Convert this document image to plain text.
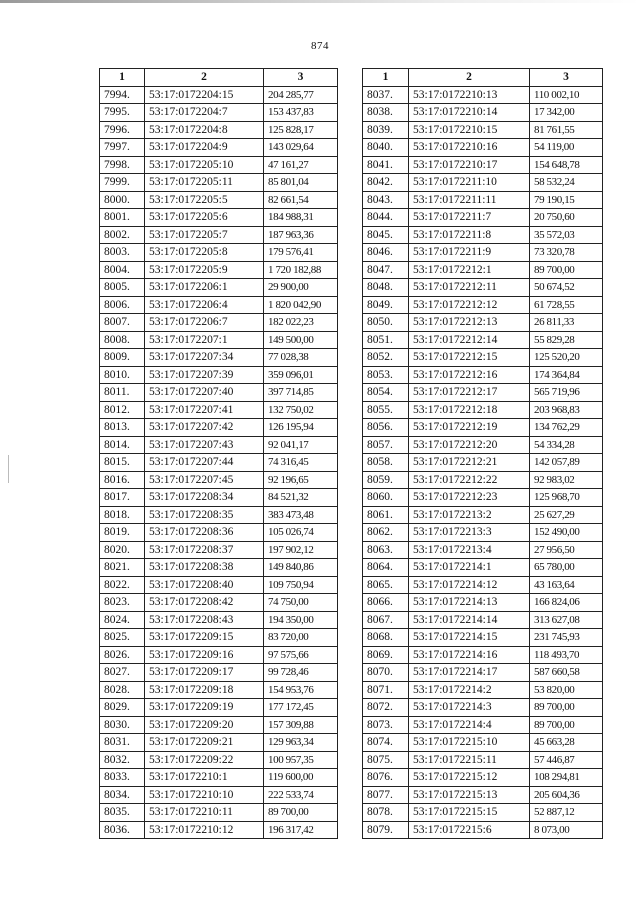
874
1	2	3
7994.	53:17:0172204:15	204 285,77
7995.	53:17:0172204:7	153 437,83
7996.	53:17:0172204:8	125 828,17
7997.	53:17:0172204:9	143 029,64
7998.	53:17:0172205:10	47 161,27
7999.	53:17:0172205:11	85 801,04
8000.	53:17:0172205:5	82 661,54
8001.	53:17:0172205:6	184 988,31
8002.	53:17:0172205:7	187 963,36
8003.	53:17:0172205:8	179 576,41
8004.	53:17:0172205:9	1 720 182,88
8005.	53:17:0172206:1	29 900,00
8006.	53:17:0172206:4	1 820 042,90
8007.	53:17:0172206:7	182 022,23
8008.	53:17:0172207:1	149 500,00
8009.	53:17:0172207:34	77 028,38
8010.	53:17:0172207:39	359 096,01
8011.	53:17:0172207:40	397 714,85
8012.	53:17:0172207:41	132 750,02
8013.	53:17:0172207:42	126 195,94
8014.	53:17:0172207:43	92 041,17
8015.	53:17:0172207:44	74 316,45
8016.	53:17:0172207:45	92 196,65
8017.	53:17:0172208:34	84 521,32
8018.	53:17:0172208:35	383 473,48
8019.	53:17:0172208:36	105 026,74
8020.	53:17:0172208:37	197 902,12
8021.	53:17:0172208:38	149 840,86
8022.	53:17:0172208:40	109 750,94
8023.	53:17:0172208:42	74 750,00
8024.	53:17:0172208:43	194 350,00
8025.	53:17:0172209:15	83 720,00
8026.	53:17:0172209:16	97 575,66
8027.	53:17:0172209:17	99 728,46
8028.	53:17:0172209:18	154 953,76
8029.	53:17:0172209:19	177 172,45
8030.	53:17:0172209:20	157 309,88
8031.	53:17:0172209:21	129 963,34
8032.	53:17:0172209:22	100 957,35
8033.	53:17:0172210:1	119 600,00
8034.	53:17:0172210:10	222 533,74
8035.	53:17:0172210:11	89 700,00
8036.	53:17:0172210:12	196 317,42
1	2	3
8037.	53:17:0172210:13	110 002,10
8038.	53:17:0172210:14	17 342,00
8039.	53:17:0172210:15	81 761,55
8040.	53:17:0172210:16	54 119,00
8041.	53:17:0172210:17	154 648,78
8042.	53:17:0172211:10	58 532,24
8043.	53:17:0172211:11	79 190,15
8044.	53:17:0172211:7	20 750,60
8045.	53:17:0172211:8	35 572,03
8046.	53:17:0172211:9	73 320,78
8047.	53:17:0172212:1	89 700,00
8048.	53:17:0172212:11	50 674,52
8049.	53:17:0172212:12	61 728,55
8050.	53:17:0172212:13	26 811,33
8051.	53:17:0172212:14	55 829,28
8052.	53:17:0172212:15	125 520,20
8053.	53:17:0172212:16	174 364,84
8054.	53:17:0172212:17	565 719,96
8055.	53:17:0172212:18	203 968,83
8056.	53:17:0172212:19	134 762,29
8057.	53:17:0172212:20	54 334,28
8058.	53:17:0172212:21	142 057,89
8059.	53:17:0172212:22	92 983,02
8060.	53:17:0172212:23	125 968,70
8061.	53:17:0172213:2	25 627,29
8062.	53:17:0172213:3	152 490,00
8063.	53:17:0172213:4	27 956,50
8064.	53:17:0172214:1	65 780,00
8065.	53:17:0172214:12	43 163,64
8066.	53:17:0172214:13	166 824,06
8067.	53:17:0172214:14	313 627,08
8068.	53:17:0172214:15	231 745,93
8069.	53:17:0172214:16	118 493,70
8070.	53:17:0172214:17	587 660,58
8071.	53:17:0172214:2	53 820,00
8072.	53:17:0172214:3	89 700,00
8073.	53:17:0172214:4	89 700,00
8074.	53:17:0172215:10	45 663,28
8075.	53:17:0172215:11	57 446,87
8076.	53:17:0172215:12	108 294,81
8077.	53:17:0172215:13	205 604,36
8078.	53:17:0172215:15	52 887,12
8079.	53:17:0172215:6	8 073,00
